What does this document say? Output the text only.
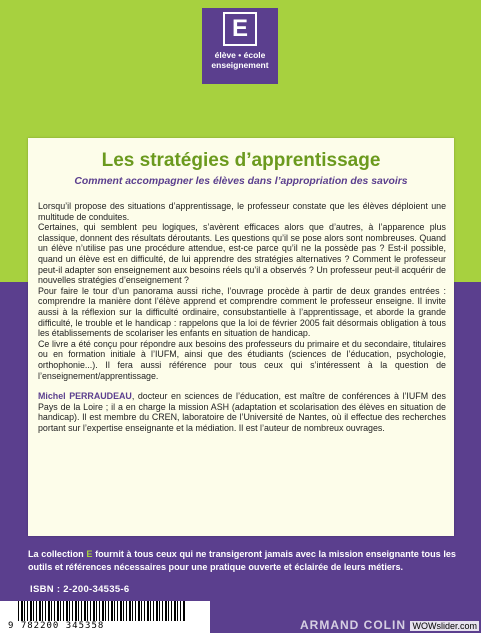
E
élève • école
enseignement
Les stratégies d’apprentissage
Comment accompagner les élèves dans l’appropriation des savoirs

Lorsqu’il propose des situations d’apprentissage, le professeur constate que les élèves déploient une multitude de conduites.

Certaines, qui semblent peu logiques, s’avèrent efficaces alors que d’autres, à l’apparence plus classique, donnent des résultats déroutants. Les questions qu’il se pose alors sont nombreuses. Quand un élève n’utilise pas une procédure attendue, est-ce parce qu’il ne la possède pas ? Est-il possible, quand un élève est en difficulté, de lui apprendre des stratégies alternatives ? Comment le professeur peut-il adapter son enseignement aux besoins réels qu’il a observés ? Un professeur peut-il acquérir de nouvelles stratégies d’enseignement ?

Pour faire le tour d’un panorama aussi riche, l’ouvrage procède à partir de deux grandes entrées : comprendre la manière dont l’élève apprend et comprendre comment le professeur enseigne. Il invite aussi à la réflexion sur la difficulté ordinaire, consubstantielle à l’apprentissage, et aborde la grande difficulté, le trouble et le handicap : rappelons que la loi de février 2005 fait désormais obligation à tous les établissements de scolariser les enfants en situation de handicap.

Ce livre a été conçu pour répondre aux besoins des professeurs du primaire et du secondaire, titulaires ou en formation initiale à l’IUFM, ainsi que des étudiants (sciences de l’éducation, psychologie, orthophonie...). Il fera aussi référence pour tous ceux qui s’intéressent à la question de l’enseignement/apprentissage.

Michel PERRAUDEAU, docteur en sciences de l’éducation, est maître de conférences à l’IUFM des Pays de la Loire ; il a en charge la mission ASH (adaptation et scolarisation des élèves en situation de handicap). Il est membre du CREN, laboratoire de l’Université de Nantes, où il effectue des recherches portant sur l’expertise enseignante et la médiation. Il est l’auteur de nombreux ouvrages.

La collection E fournit à tous ceux qui ne transigeront jamais avec la mission enseignante tous les outils et références nécessaires pour une pratique ouverte et éclairée de leurs métiers.
ISBN : 2-200-34535-6
9 782200 345358	ARMAND COLIN WOWslider.com
